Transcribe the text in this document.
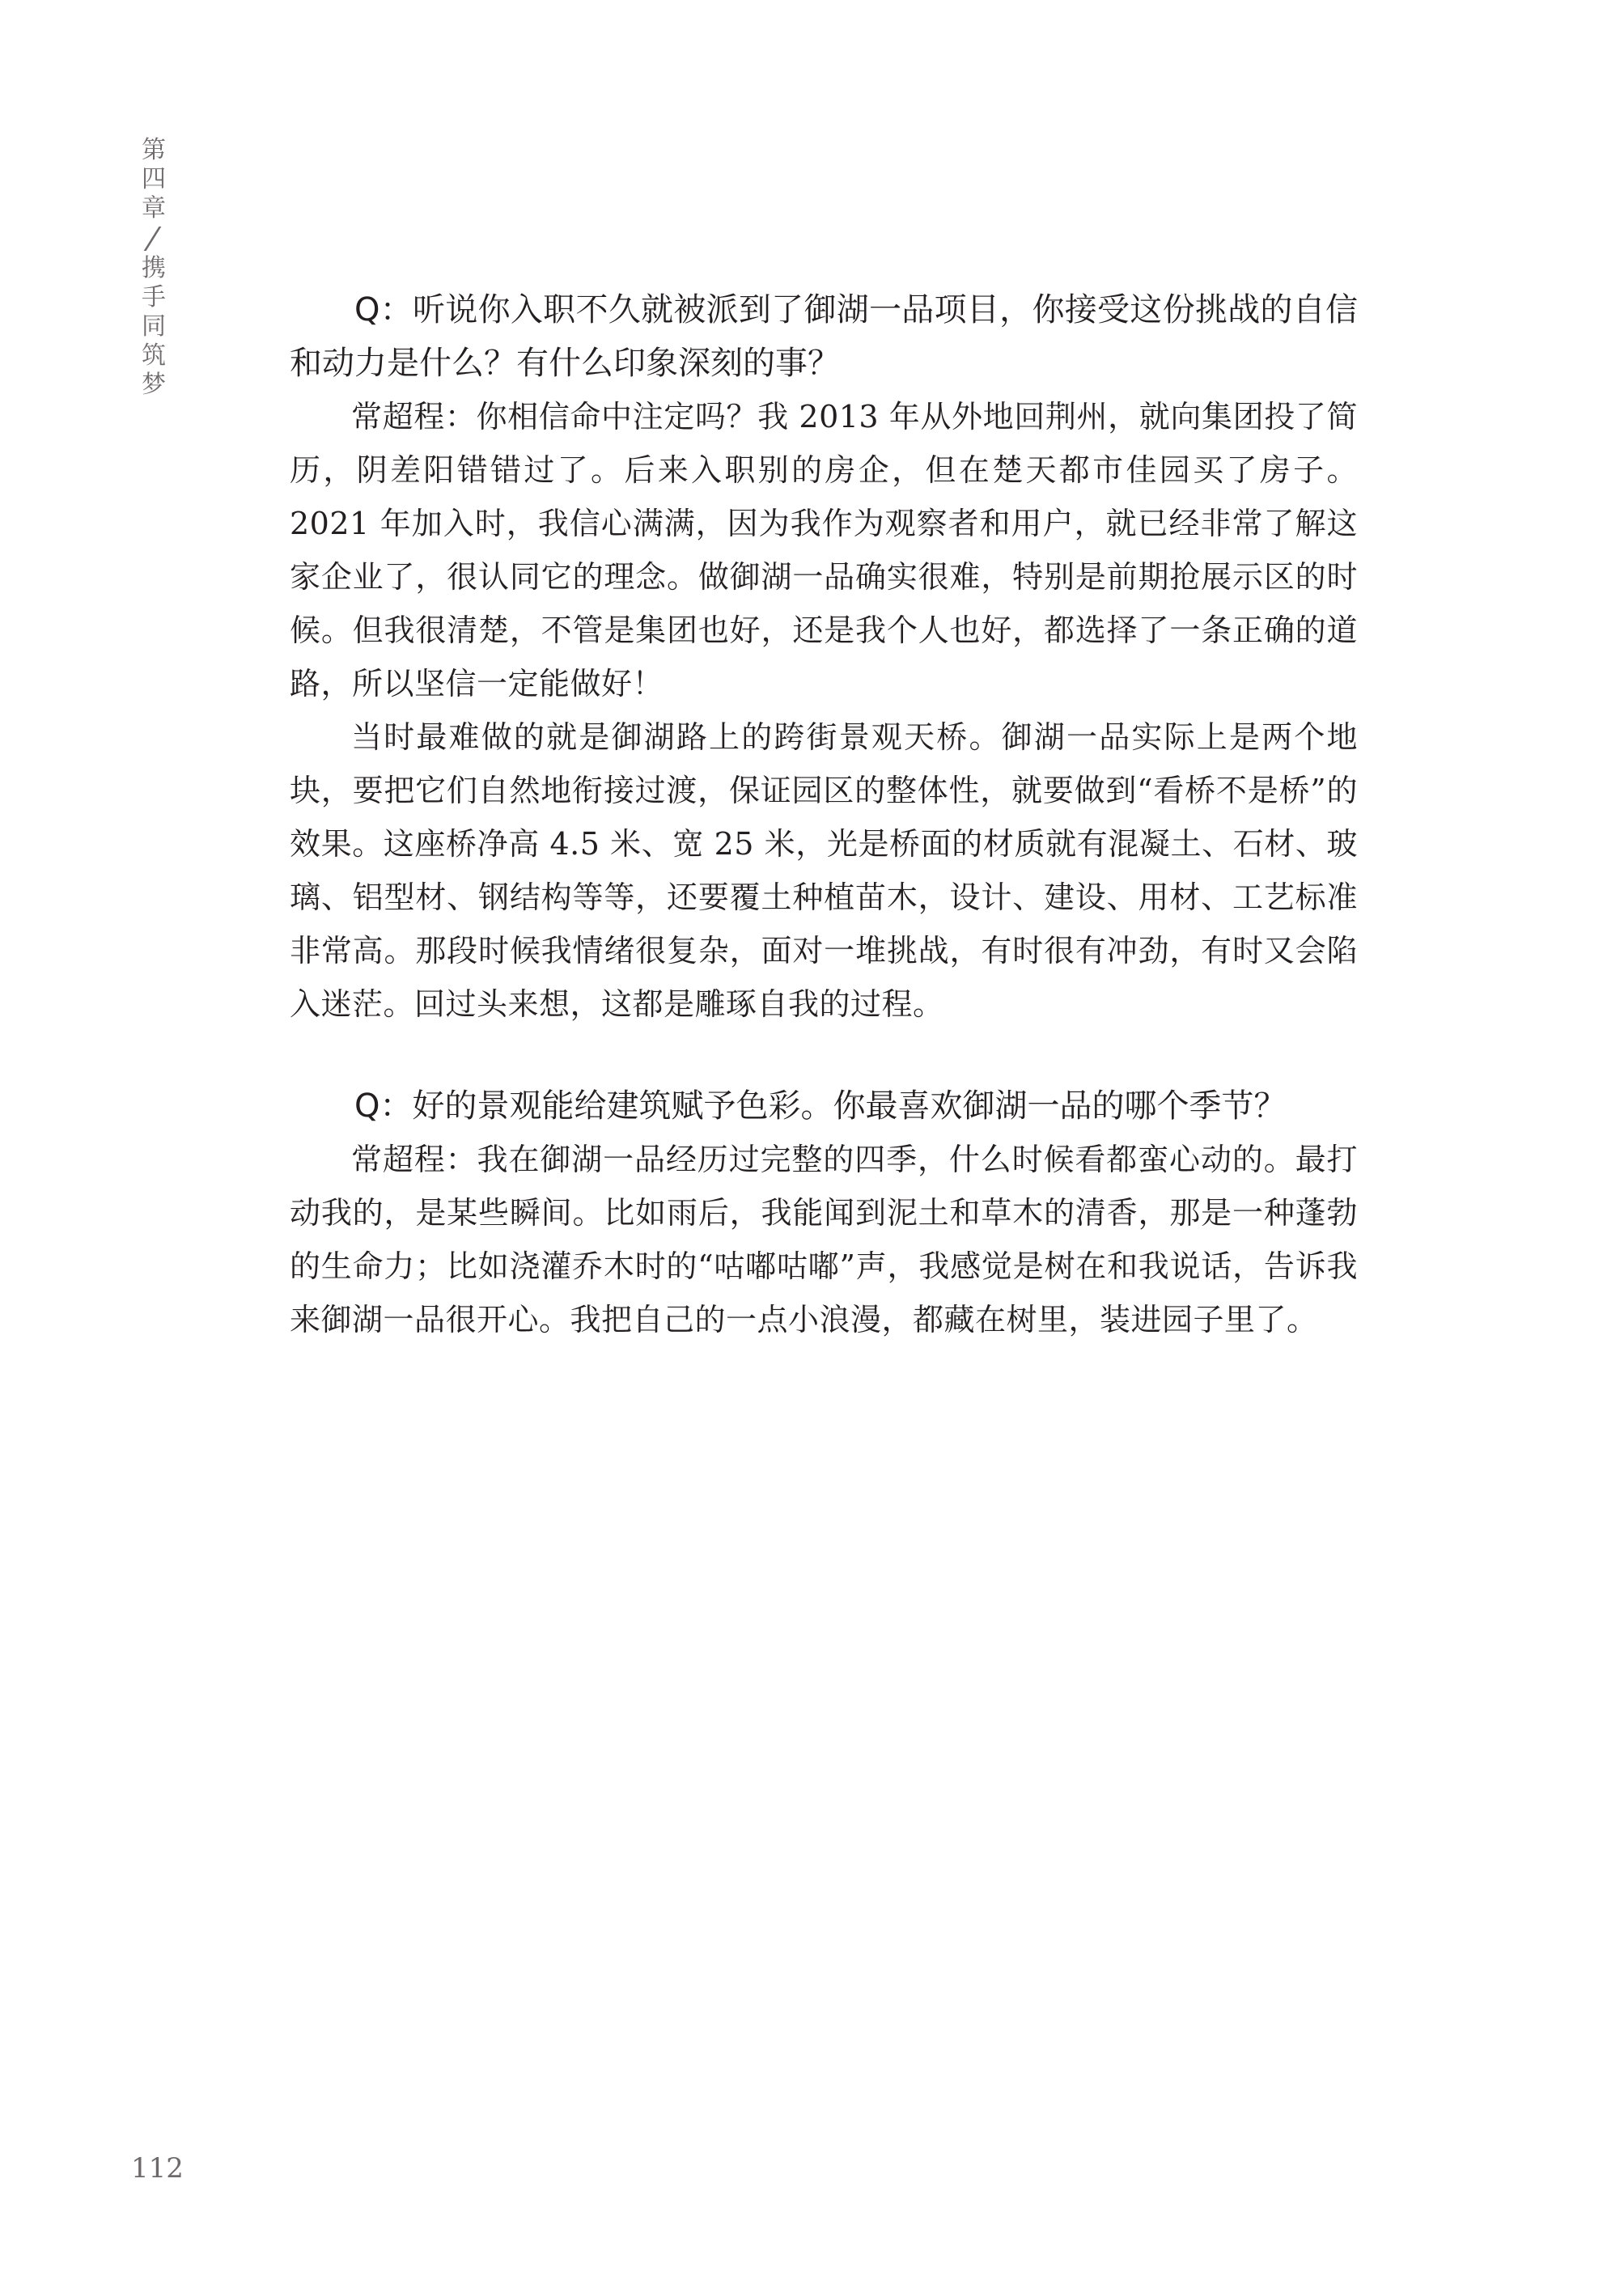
第
四
章
携
手
同
筑
梦

Q：听说你入职不久就被派到了御湖一品项目，你接受这份挑战的自信和动力是什么？有什么印象深刻的事？

常超程：你相信命中注定吗？我 2013 年从外地回荆州，就向集团投了简历，阴差阳错错过了。后来入职别的房企，但在楚天都市佳园买了房子。2021 年加入时，我信心满满，因为我作为观察者和用户，就已经非常了解这家企业了，很认同它的理念。做御湖一品确实很难，特别是前期抢展示区的时候。但我很清楚，不管是集团也好，还是我个人也好，都选择了一条正确的道路，所以坚信一定能做好！

当时最难做的就是御湖路上的跨街景观天桥。御湖一品实际上是两个地块，要把它们自然地衔接过渡，保证园区的整体性，就要做到“看桥不是桥”的效果。这座桥净高 4.5 米、宽 25 米，光是桥面的材质就有混凝土、石材、玻璃、铝型材、钢结构等等，还要覆土种植苗木，设计、建设、用材、工艺标准非常高。那段时候我情绪很复杂，面对一堆挑战，有时很有冲劲，有时又会陷入迷茫。回过头来想，这都是雕琢自我的过程。

Q：好的景观能给建筑赋予色彩。你最喜欢御湖一品的哪个季节？

常超程：我在御湖一品经历过完整的四季，什么时候看都蛮心动的。最打动我的，是某些瞬间。比如雨后，我能闻到泥土和草木的清香，那是一种蓬勃的生命力；比如浇灌乔木时的“咕嘟咕嘟”声，我感觉是树在和我说话，告诉我来御湖一品很开心。我把自己的一点小浪漫，都藏在树里，装进园子里了。

112
